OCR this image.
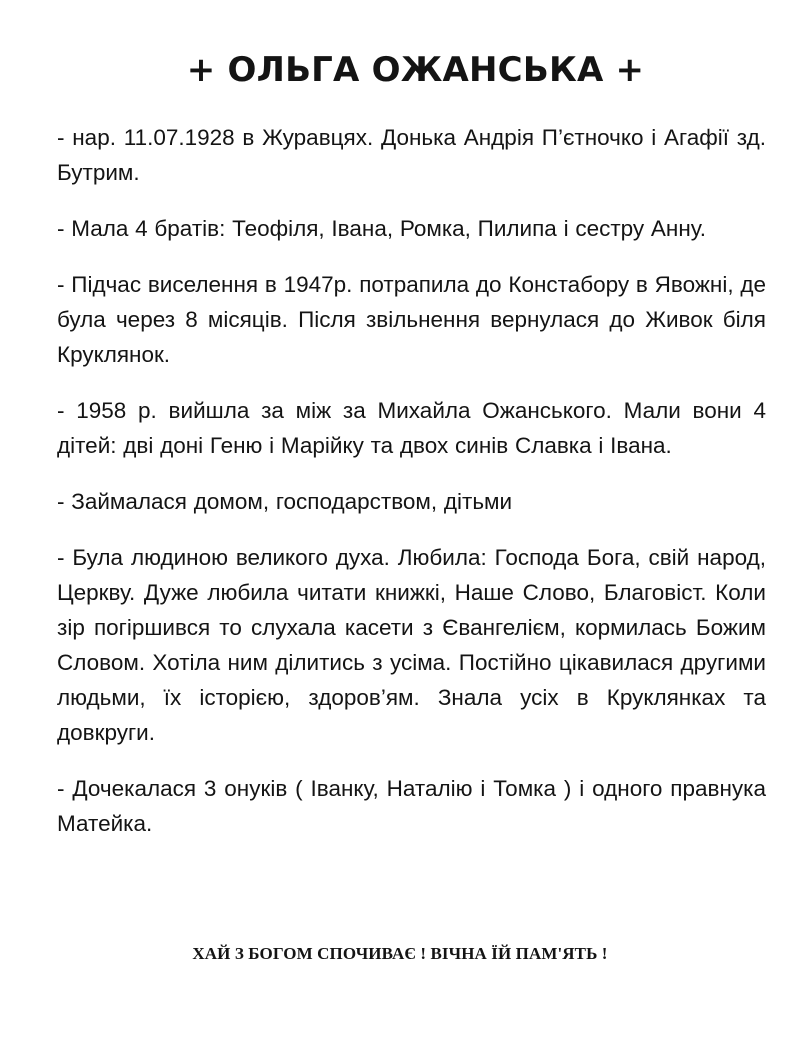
+ ОЛЬГА ОЖАНСЬКА +

- нар. 11.07.1928 в Журавцях. Донька Андрія П’єтночко і Агафії зд. Бутрим.

- Мала 4 братів: Теофіля, Івана, Ромка, Пилипа і сестру Анну.

- Підчас виселення в 1947р. потрапила до Констабору в Явожні, де була через 8 місяців. Після звільнення вернулася до Живок біля Круклянок.

- 1958 р. вийшла за між за Михайла Ожанського. Мали вони 4 дітей: дві доні Геню і Марійку та двох синів Славка і Івана.

- Займалася домом, господарством, дітьми

- Була людиною великого духа. Любила: Господа Бога, свій народ, Церкву. Дуже любила читати книжкі, Наше Слово, Благовіст. Коли зір погіршився то слухала касети з Євангелієм, кормилась Божим Словом. Хотіла ним ділитись з усіма. Постійно цікавилася другими людьми, їх історією, здоров’ям. Знала усіх в Круклянках та довкруги.

- Дочекалася 3 онуків ( Іванку, Наталію і Томка ) і одного правнука Матейка.

ХАЙ З БОГОМ СПОЧИВАЄ ! ВІЧНА ЇЙ ПАМ'ЯТЬ !
